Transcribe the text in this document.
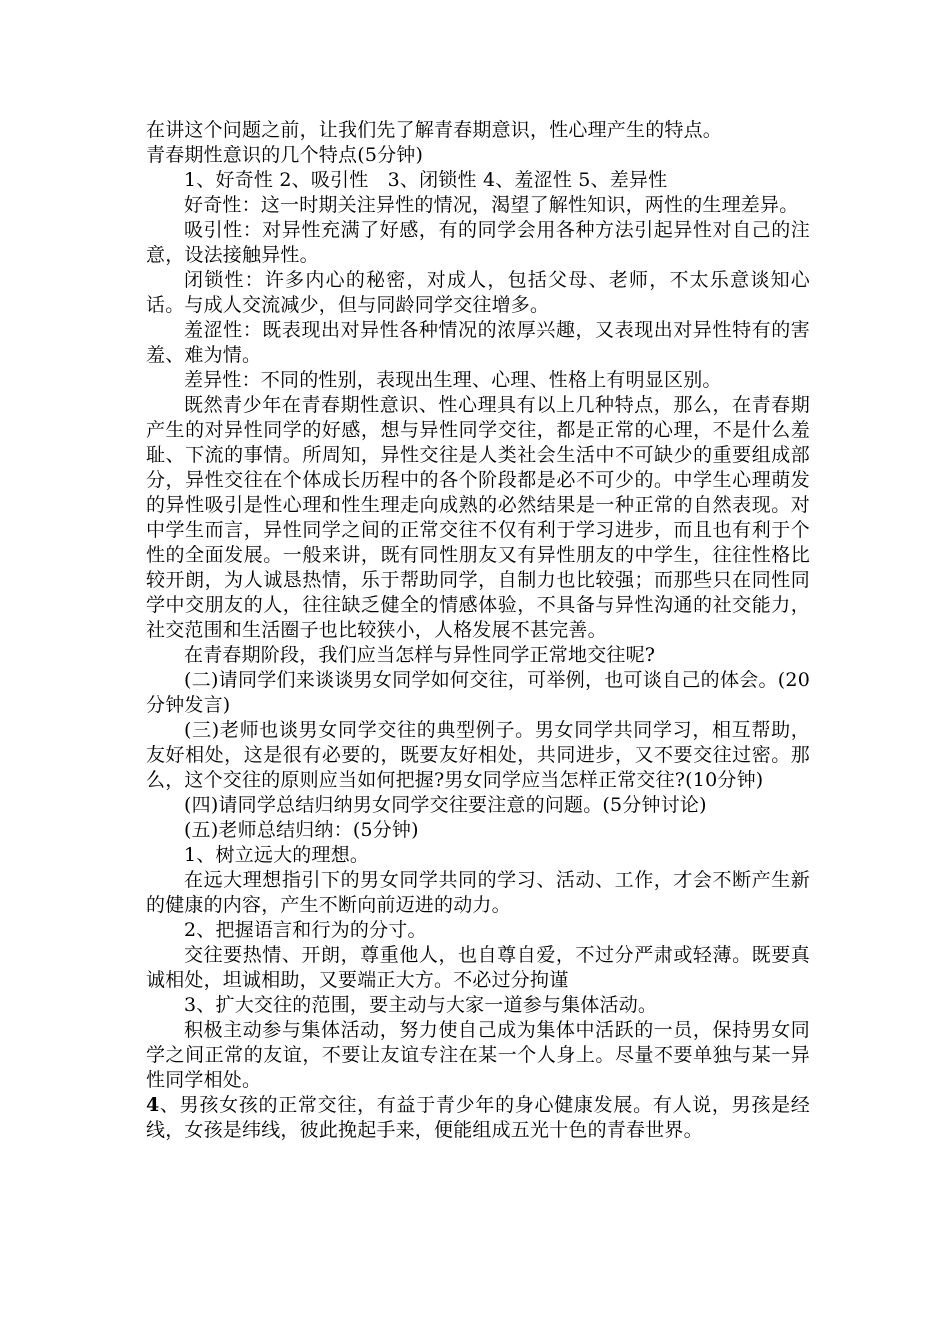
在讲这个问题之前，让我们先了解青春期意识，性心理产生的特点。

青春期性意识的几个特点(5分钟)

1、好奇性 2、吸引性　3、闭锁性 4、羞涩性 5、差异性

好奇性：这一时期关注异性的情况，渴望了解性知识，两性的生理差异。

吸引性：对异性充满了好感，有的同学会用各种方法引起异性对自己的注意，设法接触异性。

闭锁性：许多内心的秘密，对成人，包括父母、老师，不太乐意谈知心话。与成人交流减少，但与同龄同学交往增多。

羞涩性：既表现出对异性各种情况的浓厚兴趣，又表现出对异性特有的害羞、难为情。

差异性：不同的性别，表现出生理、心理、性格上有明显区别。

既然青少年在青春期性意识、性心理具有以上几种特点，那么，在青春期产生的对异性同学的好感，想与异性同学交往，都是正常的心理，不是什么羞耻、下流的事情。所周知，异性交往是人类社会生活中不可缺少的重要组成部分，异性交往在个体成长历程中的各个阶段都是必不可少的。中学生心理萌发的异性吸引是性心理和性生理走向成熟的必然结果是一种正常的自然表现。对中学生而言，异性同学之间的正常交往不仅有利于学习进步，而且也有利于个性的全面发展。一般来讲，既有同性朋友又有异性朋友的中学生，往往性格比较开朗，为人诚恳热情，乐于帮助同学，自制力也比较强；而那些只在同性同学中交朋友的人，往往缺乏健全的情感体验，不具备与异性沟通的社交能力，社交范围和生活圈子也比较狭小，人格发展不甚完善。

在青春期阶段，我们应当怎样与异性同学正常地交往呢?

(二)请同学们来谈谈男女同学如何交往，可举例，也可谈自己的体会。(20分钟发言)

(三)老师也谈男女同学交往的典型例子。男女同学共同学习，相互帮助，友好相处，这是很有必要的，既要友好相处，共同进步，又不要交往过密。那么，这个交往的原则应当如何把握?男女同学应当怎样正常交往?(10分钟)

(四)请同学总结归纳男女同学交往要注意的问题。(5分钟讨论)

(五)老师总结归纳：(5分钟)

1、树立远大的理想。

在远大理想指引下的男女同学共同的学习、活动、工作，才会不断产生新的健康的内容，产生不断向前迈进的动力。

2、把握语言和行为的分寸。

交往要热情、开朗，尊重他人，也自尊自爱，不过分严肃或轻薄。既要真诚相处，坦诚相助，又要端正大方。不必过分拘谨

3、扩大交往的范围，要主动与大家一道参与集体活动。

积极主动参与集体活动，努力使自己成为集体中活跃的一员，保持男女同学之间正常的友谊，不要让友谊专注在某一个人身上。尽量不要单独与某一异性同学相处。

4、男孩女孩的正常交往，有益于青少年的身心健康发展。有人说，男孩是经线，女孩是纬线，彼此挽起手来，便能组成五光十色的青春世界。
